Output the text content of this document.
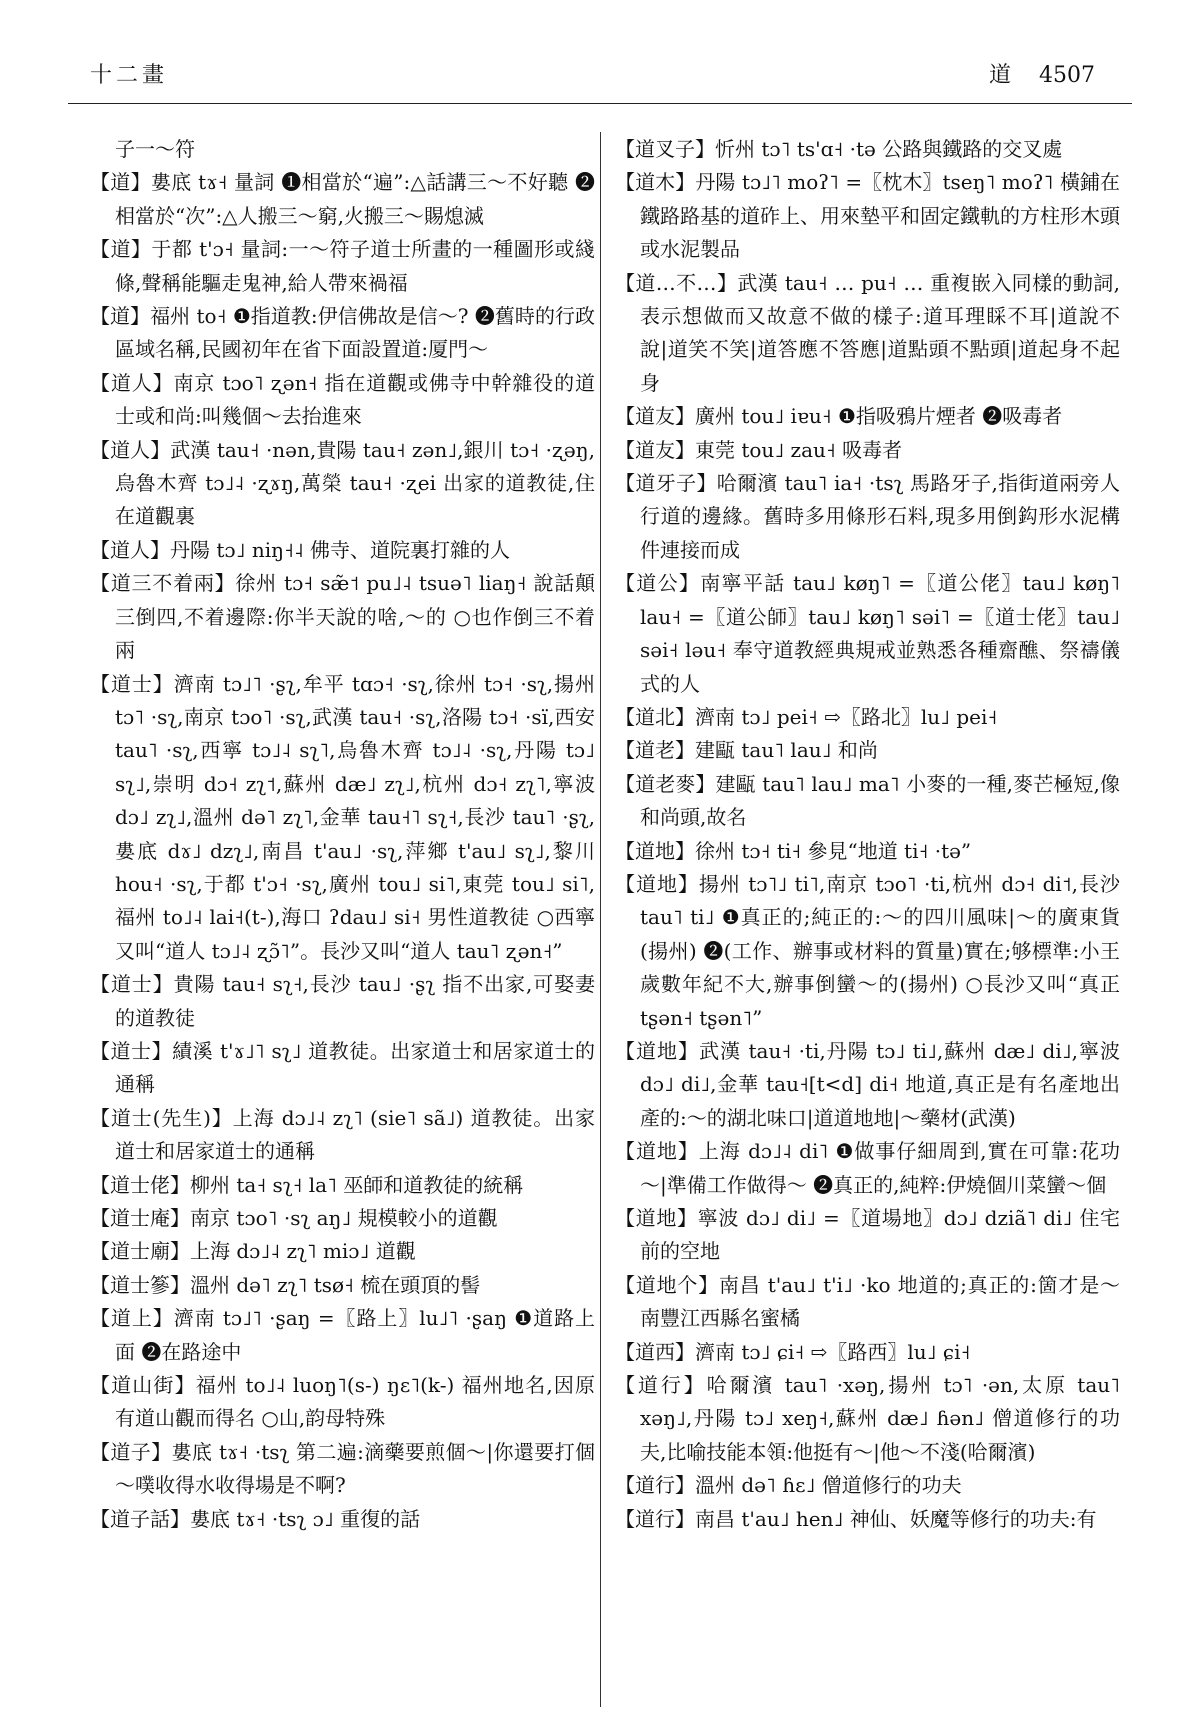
十二畫	道 4507

子一～符

【道】婁底 tɤ˧ 量詞 ❶相當於“遍”:△話講三～不好聽 ❷相當於“次”:△人搬三～窮,火搬三～賜熄滅

【道】于都 t'ɔ˧ 量詞:一～符子道士所畫的一種圖形或綫條,聲稱能驅走鬼神,給人帶來禍福

【道】福州 to˧ ❶指道教:伊信佛故是信～? ❷舊時的行政區域名稱,民國初年在省下面設置道:厦門～

【道人】南京 tɔo˥ ʐən˧ 指在道觀或佛寺中幹雜役的道士或和尚:叫幾個～去抬進來

【道人】武漢 tau˧ ·nən,貴陽 tau˧ zən˩,銀川 tɔ˧ ·ʐəŋ,烏魯木齊 tɔ˩˨ ·ʐɤŋ,萬榮 tau˧ ·ʐei 出家的道教徒,住在道觀裏

【道人】丹陽 tɔ˩ niŋ˧˨ 佛寺、道院裏打雜的人

【道三不着兩】徐州 tɔ˧ sæ̃˦ pu˩˨ tsuə˥ liaŋ˧ 說話顛三倒四,不着邊際:你半天說的啥,～的 ○也作倒三不着兩

【道士】濟南 tɔ˩˥ ·ʂʅ,牟平 tɑɔ˧ ·sʅ,徐州 tɔ˧ ·sʅ,揚州 tɔ˥ ·sʅ,南京 tɔo˥ ·sʅ,武漢 tau˧ ·sʅ,洛陽 tɔ˧ ·sï,西安 tau˥ ·sʅ,西寧 tɔ˩˨ sʅ˥,烏魯木齊 tɔ˩˨ ·sʅ,丹陽 tɔ˩ sʅ˩,崇明 dɔ˧ zʅ˦,蘇州 dæ˩ zʅ˩,杭州 dɔ˧ zʅ˥,寧波 dɔ˩ zʅ˩,溫州 də˥ zʅ˥,金華 tau˧˥ sʅ˧,長沙 tau˥ ·ʂʅ,婁底 dɤ˩ dzʅ˩,南昌 t'au˩ ·sʅ,萍鄉 t'au˩ sʅ˩,黎川 hou˧ ·sʅ,于都 t'ɔ˧ ·sʅ,廣州 tou˩ si˥,東莞 tou˩ si˥,福州 to˩˨ lai˧(t-),海口 ʔdau˩ si˧ 男性道教徒 ○西寧又叫“道人 tɔ˩˨ ʐɔ̃˥”。長沙又叫“道人 tau˥ ʐən˧”

【道士】貴陽 tau˧ sʅ˧,長沙 tau˩ ·ʂʅ 指不出家,可娶妻的道教徒

【道士】績溪 t'ɤ˩˥ sʅ˩ 道教徒。出家道士和居家道士的通稱

【道士(先生)】上海 dɔ˩˨ zʅ˥ (sie˥ sã˩) 道教徒。出家道士和居家道士的通稱

【道士佬】柳州 ta˧ sʅ˧ la˥ 巫師和道教徒的統稱

【道士庵】南京 tɔo˥ ·sʅ aŋ˩ 規模較小的道觀

【道士廟】上海 dɔ˩˨ zʅ˥ miɔ˩ 道觀

【道士篸】溫州 də˥ zʅ˥ tsø˧ 梳在頭頂的髻

【道上】濟南 tɔ˩˥ ·ʂaŋ =〖路上〗lu˩˥ ·ʂaŋ ❶道路上面 ❷在路途中

【道山街】福州 to˩˨ luoŋ˥(s-) ŋɛ˥(k-) 福州地名,因原有道山觀而得名 ○山,韵母特殊

【道子】婁底 tɤ˧ ·tsʅ 第二遍:滴藥要煎個～|你還要打個～噗收得水收得場是不啊?

【道子話】婁底 tɤ˧ ·tsʅ ɔ˩ 重復的話

【道叉子】忻州 tɔ˥ ts'ɑ˧ ·tə 公路與鐵路的交叉處

【道木】丹陽 tɔ˩˥ moʔ˥ =〖枕木〗tseŋ˥ moʔ˥ 橫鋪在鐵路路基的道砟上、用來墊平和固定鐵軌的方柱形木頭或水泥製品

【道…不…】武漢 tau˧ … pu˧ … 重複嵌入同樣的動詞,表示想做而又故意不做的樣子:道耳理睬不耳|道說不說|道笑不笑|道答應不答應|道點頭不點頭|道起身不起身

【道友】廣州 tou˩ iɐu˧ ❶指吸鴉片煙者 ❷吸毒者

【道友】東莞 tou˩ zau˧ 吸毒者

【道牙子】哈爾濱 tau˥ ia˧ ·tsʅ 馬路牙子,指街道兩旁人行道的邊緣。舊時多用條形石料,現多用倒鈎形水泥構件連接而成

【道公】南寧平話 tau˩ køŋ˥ =〖道公佬〗tau˩ køŋ˥ lau˧ =〖道公師〗tau˩ køŋ˥ səi˥ =〖道士佬〗tau˩ səi˧ ləu˧ 奉守道教經典規戒並熟悉各種齋醮、祭禱儀式的人

【道北】濟南 tɔ˩ pei˧ ⇨〖路北〗lu˩ pei˧

【道老】建甌 tau˥ lau˩ 和尚

【道老麥】建甌 tau˥ lau˩ ma˥ 小麥的一種,麥芒極短,像和尚頭,故名

【道地】徐州 tɔ˧ ti˧ 參見“地道 ti˧ ·tə”

【道地】揚州 tɔ˥˩ ti˥,南京 tɔo˥ ·ti,杭州 dɔ˧ di˦,長沙 tau˥ ti˩ ❶真正的;純正的:～的四川風味|～的廣東貨(揚州) ❷(工作、辦事或材料的質量)實在;够標準:小王歲數年紀不大,辦事倒蠻～的(揚州) ○長沙又叫“真正 tʂən˧ tʂən˥”

【道地】武漢 tau˧ ·ti,丹陽 tɔ˩ ti˩,蘇州 dæ˩ di˩,寧波 dɔ˩ di˩,金華 tau˧[t<d] di˧ 地道,真正是有名產地出產的:～的湖北味口|道道地地|～藥材(武漢)

【道地】上海 dɔ˩˨ di˥ ❶做事仔細周到,實在可靠:花功～|準備工作做得～ ❷真正的,純粹:伊燒個川菜蠻～個

【道地】寧波 dɔ˩ di˩ =〖道場地〗dɔ˩ dziã˥ di˩ 住宅前的空地

【道地个】南昌 t'au˩ t'i˩ ·ko 地道的;真正的:箇才是～南豐江西縣名蜜橘

【道西】濟南 tɔ˩ ɕi˧ ⇨〖路西〗lu˩ ɕi˧

【道行】哈爾濱 tau˥ ·xəŋ,揚州 tɔ˥ ·ən,太原 tau˥ xəŋ˩,丹陽 tɔ˩ xeŋ˧,蘇州 dæ˩ ɦən˩ 僧道修行的功夫,比喻技能本領:他挺有～|他～不淺(哈爾濱)

【道行】溫州 də˥ ɦɛ˩ 僧道修行的功夫

【道行】南昌 t'au˩ hen˩ 神仙、妖魔等修行的功夫:有
